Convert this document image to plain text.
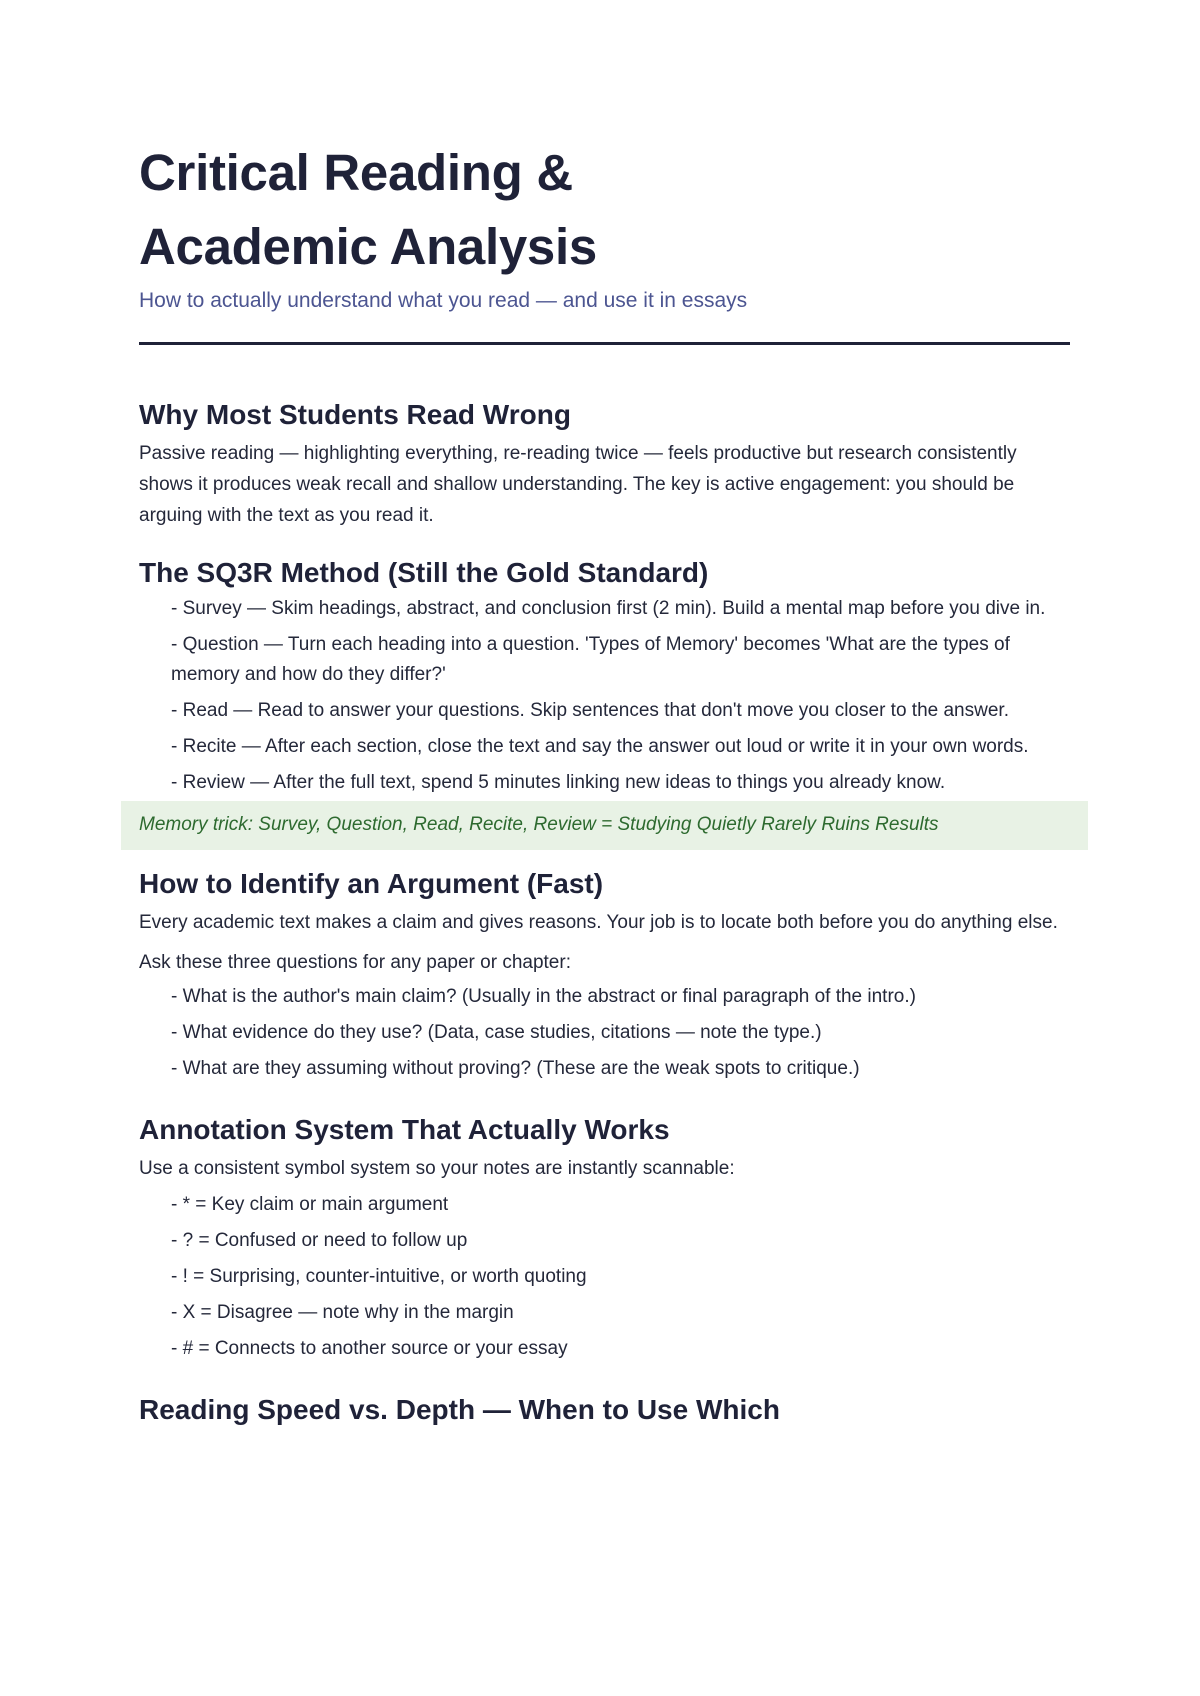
Critical Reading &
Academic Analysis
How to actually understand what you read — and use it in essays
Why Most Students Read Wrong

Passive reading — highlighting everything, re-reading twice — feels productive but research consistently shows it produces weak recall and shallow understanding. The key is active engagement: you should be arguing with the text as you read it.

The SQ3R Method (Still the Gold Standard)
- Survey — Skim headings, abstract, and conclusion first (2 min). Build a mental map before you dive in.
- Question — Turn each heading into a question. 'Types of Memory' becomes 'What are the types of memory and how do they differ?'
- Read — Read to answer your questions. Skip sentences that don't move you closer to the answer.
- Recite — After each section, close the text and say the answer out loud or write it in your own words.
- Review — After the full text, spend 5 minutes linking new ideas to things you already know.
Memory trick: Survey, Question, Read, Recite, Review = Studying Quietly Rarely Ruins Results
How to Identify an Argument (Fast)

Every academic text makes a claim and gives reasons. Your job is to locate both before you do anything else.

Ask these three questions for any paper or chapter:

- What is the author's main claim? (Usually in the abstract or final paragraph of the intro.)
- What evidence do they use? (Data, case studies, citations — note the type.)
- What are they assuming without proving? (These are the weak spots to critique.)
Annotation System That Actually Works

Use a consistent symbol system so your notes are instantly scannable:

- * = Key claim or main argument
- ? = Confused or need to follow up
- ! = Surprising, counter-intuitive, or worth quoting
- X = Disagree — note why in the margin
- # = Connects to another source or your essay
Reading Speed vs. Depth — When to Use Which
